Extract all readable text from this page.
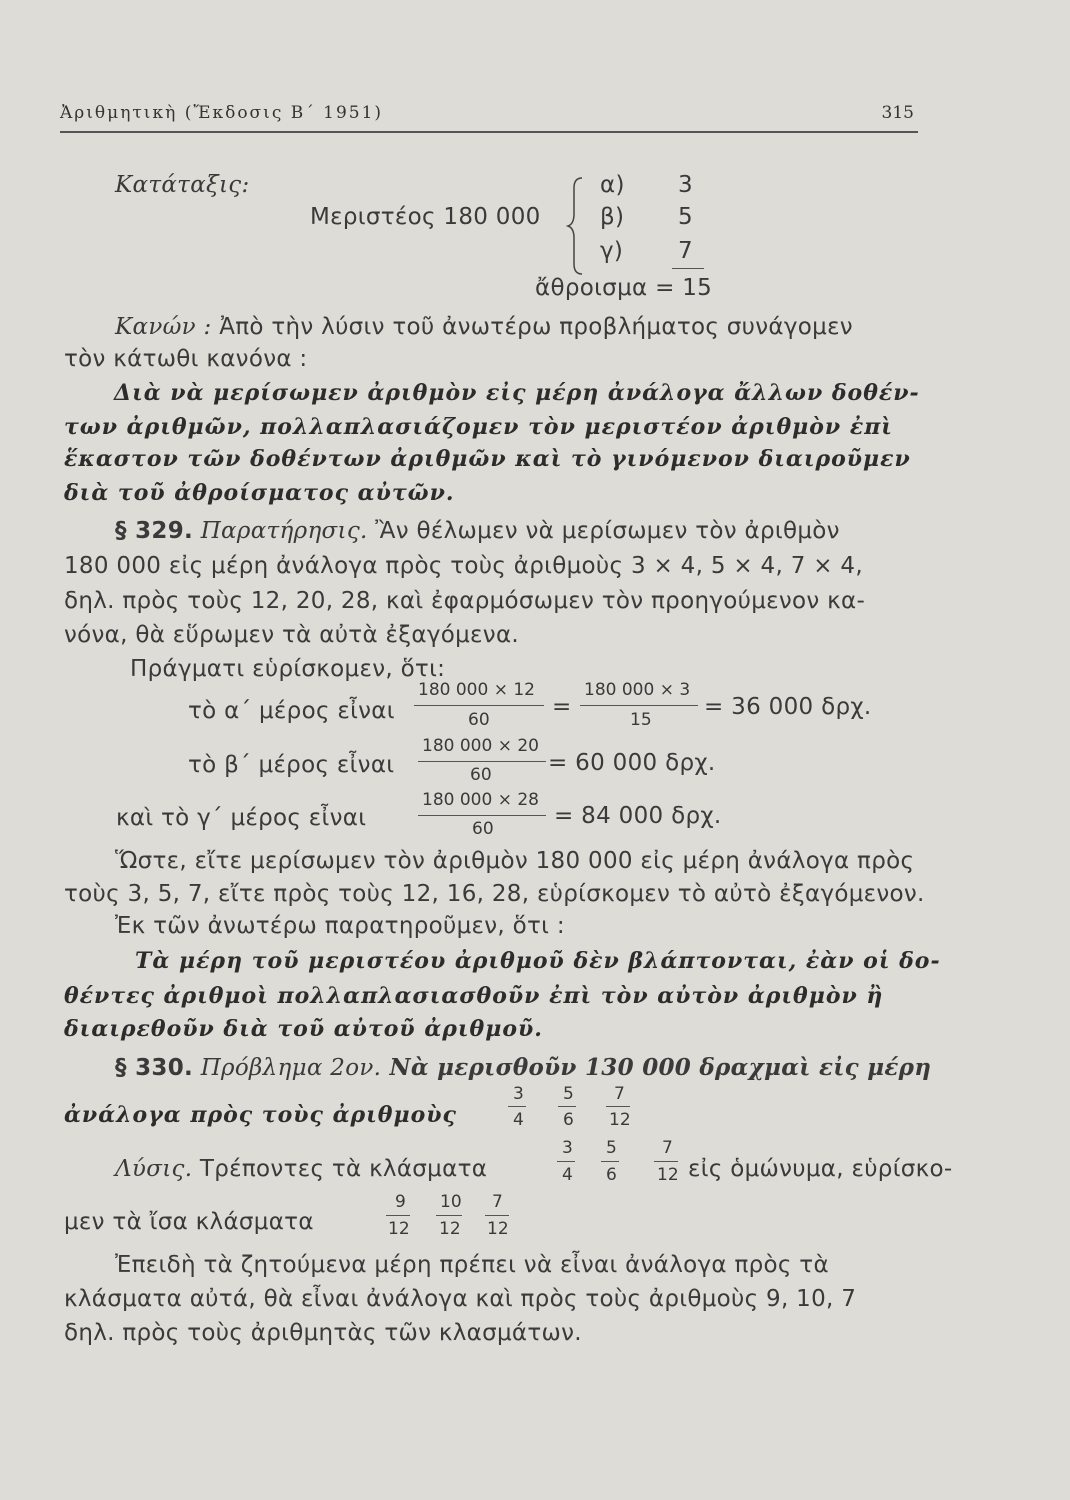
Ἀριθμητικὴ (Ἔκδοσις Β΄ 1951)	315
Κατάταξις:
Μεριστέος 180 000
α) 3
β) 5
γ) 7
ἄθροισμα = 15
Κανών : Ἀπὸ τὴν λύσιν τοῦ ἀνωτέρω προβλήματος συνάγομεν
τὸν κάτωθι κανόνα :
Διὰ νὰ μερίσωμεν ἀριθμὸν εἰς μέρη ἀνάλογα ἄλλων δοθέν-
των ἀριθμῶν, πολλαπλασιάζομεν τὸν μεριστέον ἀριθμὸν ἐπὶ
ἕκαστον τῶν δοθέντων ἀριθμῶν καὶ τὸ γινόμενον διαιροῦμεν
διὰ τοῦ ἀθροίσματος αὐτῶν.
§ 329. Παρατήρησις. Ἂν θέλωμεν νὰ μερίσωμεν τὸν ἀριθμὸν
180 000 εἰς μέρη ἀνάλογα πρὸς τοὺς ἀριθμοὺς 3 × 4, 5 × 4, 7 × 4,
δηλ. πρὸς τοὺς 12, 20, 28, καὶ ἐφαρμόσωμεν τὸν προηγούμενον κα-
νόνα, θὰ εὕρωμεν τὰ αὐτὰ ἐξαγόμενα.
Πράγματι εὑρίσκομεν, ὅτι:
τὸ α΄ μέρος εἶναι
180 000 × 12
60	=
180 000 × 3
15 = 36 000 δρχ.
τὸ β΄ μέρος εἶναι
180 000 × 20
60 = 60 000 δρχ.
καὶ τὸ γ΄ μέρος εἶναι
180 000 × 28
60	= 84 000 δρχ.
Ὥστε, εἴτε μερίσωμεν τὸν ἀριθμὸν 180 000 εἰς μέρη ἀνάλογα πρὸς
τοὺς 3, 5, 7, εἴτε πρὸς τοὺς 12, 16, 28, εὑρίσκομεν τὸ αὐτὸ ἐξαγόμενον.
Ἐκ τῶν ἀνωτέρω παρατηροῦμεν, ὅτι :
Τὰ μέρη τοῦ μεριστέου ἀριθμοῦ δὲν βλάπτονται, ἐὰν οἱ δο-
θέντες ἀριθμοὶ πολλαπλασιασθοῦν ἐπὶ τὸν αὐτὸν ἀριθμὸν ἢ
διαιρεθοῦν διὰ τοῦ αὐτοῦ ἀριθμοῦ.
§ 330. Πρόβλημα 2ον. Νὰ μερισθοῦν 130 000 δραχμαὶ εἰς μέρη
ἀνάλογα πρὸς τοὺς ἀριθμοὺς
3
4
5
6
7
12
Λύσις. Τρέποντες τὰ κλάσματα
3
4
5
6
7
12 εἰς ὁμώνυμα, εὑρίσκο-
μεν τὰ ἴσα κλάσματα
9
12
10
12
7
12
Ἐπειδὴ τὰ ζητούμενα μέρη πρέπει νὰ εἶναι ἀνάλογα πρὸς τὰ
κλάσματα αὐτά, θὰ εἶναι ἀνάλογα καὶ πρὸς τοὺς ἀριθμοὺς 9, 10, 7
δηλ. πρὸς τοὺς ἀριθμητὰς τῶν κλασμάτων.
